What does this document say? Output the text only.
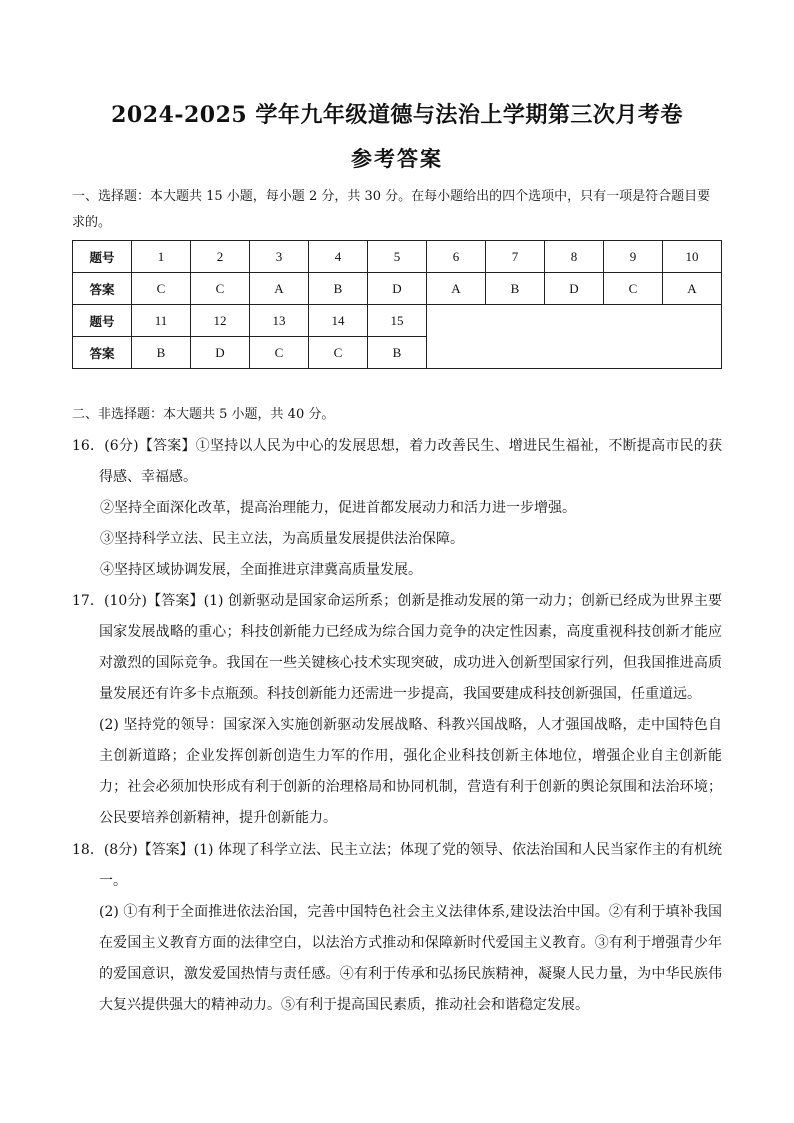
2024-2025 学年九年级道德与法治上学期第三次月考卷
参考答案
一、选择题：本大题共 15 小题，每小题 2 分，共 30 分。在每小题给出的四个选项中，只有一项是符合题目要求的。
题号	1	2	3	4	5	6	7	8	9	10
答案	C	C	A	B	D	A	B	D	C	A
题号	11	12	13	14	15					
答案	B	D	C	C	B					
二、非选择题：本大题共 5 小题，共 40 分。

16．(6分)【答案】①坚持以人民为中心的发展思想，着力改善民生、增进民生福祉，不断提高市民的获得感、幸福感。

②坚持全面深化改革，提高治理能力，促进首都发展动力和活力进一步增强。

③坚持科学立法、民主立法，为高质量发展提供法治保障。

④坚持区域协调发展，全面推进京津冀高质量发展。

17．(10分)【答案】(1) 创新驱动是国家命运所系；创新是推动发展的第一动力；创新已经成为世界主要国家发展战略的重心；科技创新能力已经成为综合国力竞争的决定性因素，高度重视科技创新才能应对激烈的国际竞争。我国在一些关键核心技术实现突破，成功进入创新型国家行列，但我国推进高质量发展还有许多卡点瓶颈。科技创新能力还需进一步提高，我国要建成科技创新强国，任重道远。

(2) 坚持党的领导：国家深入实施创新驱动发展战略、科教兴国战略，人才强国战略，走中国特色自主创新道路；企业发挥创新创造生力军的作用，强化企业科技创新主体地位，增强企业自主创新能力；社会必须加快形成有利于创新的治理格局和协同机制，营造有利于创新的舆论氛围和法治环境；公民要培养创新精神，提升创新能力。

18．(8分)【答案】(1) 体现了科学立法、民主立法；体现了党的领导、依法治国和人民当家作主的有机统一。

(2) ①有利于全面推进依法治国，完善中国特色社会主义法律体系,建设法治中国。②有利于填补我国在爱国主义教育方面的法律空白，以法治方式推动和保障新时代爱国主义教育。③有利于增强青少年的爱国意识，激发爱国热情与责任感。④有利于传承和弘扬民族精神，凝聚人民力量，为中华民族伟大复兴提供强大的精神动力。⑤有利于提高国民素质，推动社会和谐稳定发展。
